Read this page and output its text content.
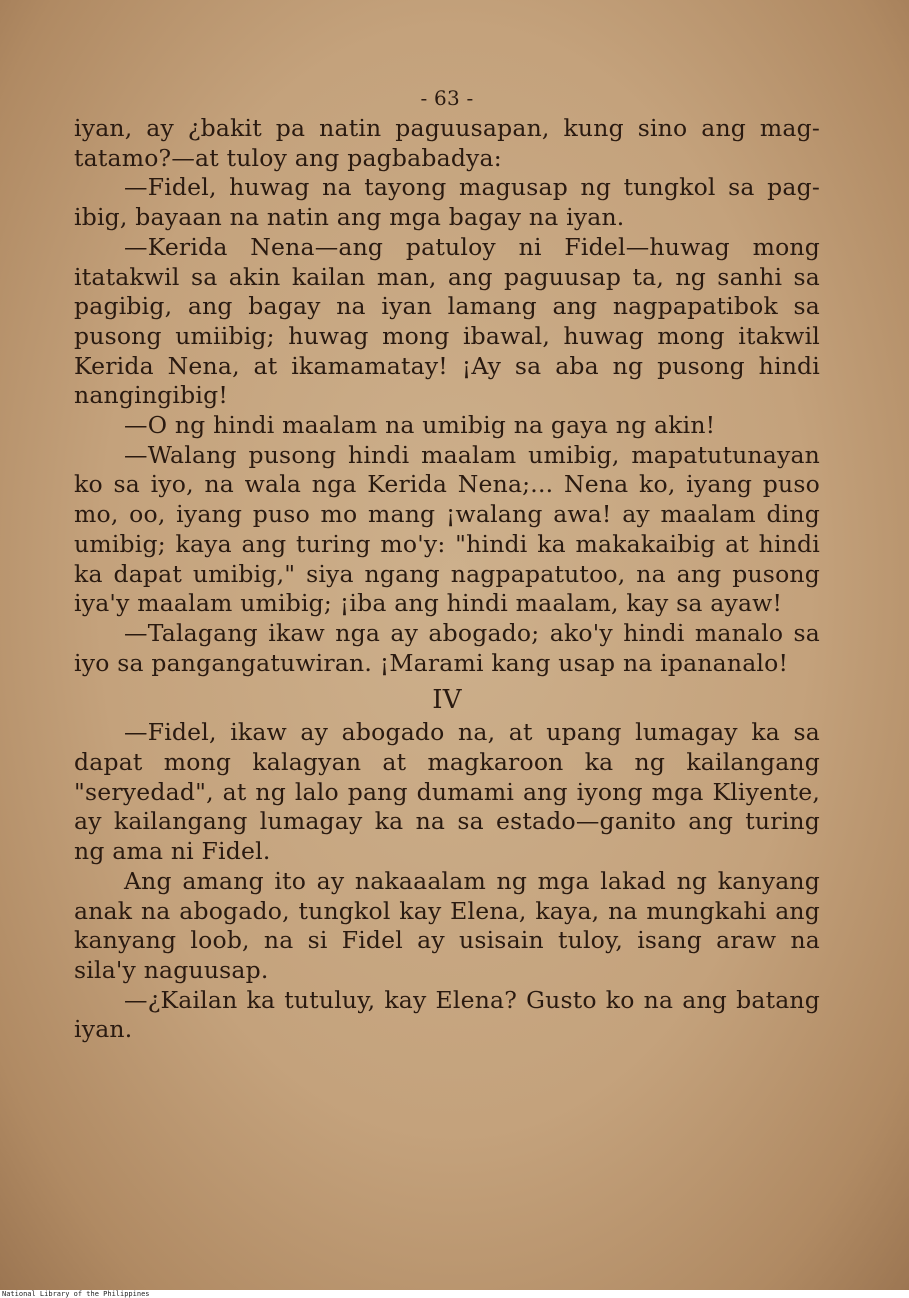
- 63 -

iyan, ay ¿bakit pa natin paguusapan, kung sino ang mag- tatamo?—at tuloy ang pagbabadya:

—Fidel, huwag na tayong magusap ng tungkol sa pag-ibig, bayaan na natin ang mga bagay na iyan.

—Kerida Nena—ang patuloy ni Fidel—huwag mong itatakwil sa akin kailan man, ang paguusap ta, ng sanhi sa pagibig, ang bagay na iyan lamang ang nagpapatibok sa pusong umiibig; huwag mong ibawal, huwag mong itakwil Kerida Nena, at ikamamatay! ¡Ay sa aba ng pusong hindi nangingibig!

—O ng hindi maalam na umibig na gaya ng akin!

—Walang pusong hindi maalam umibig, mapatutunayan ko sa iyo, na wala nga Kerida Nena;... Nena ko, iyang puso mo, oo, iyang puso mo mang ¡walang awa! ay maalam ding umibig; kaya ang turing mo'y: "hindi ka makakaibig at hindi ka dapat umibig," siya ngang nagpapatutoo, na ang pusong iya'y maalam umibig; ¡iba ang hindi maalam, kay sa ayaw!

—Talagang ikaw nga ay abogado; ako'y hindi manalo sa iyo sa pangangatuwiran. ¡Marami kang usap na ipananalo!

IV

—Fidel, ikaw ay abogado na, at upang lumagay ka sa dapat mong kalagyan at magkaroon ka ng kailangang "seryedad", at ng lalo pang dumami ang iyong mga Kliyente, ay kailangang lumagay ka na sa estado—ganito ang turing ng ama ni Fidel.

Ang amang ito ay nakaaalam ng mga lakad ng kanyang anak na abogado, tungkol kay Elena, kaya, na mungkahi ang kanyang loob, na si Fidel ay usisain tuloy, isang araw na sila'y naguusap.

—¿Kailan ka tutuluy, kay Elena? Gusto ko na ang batang iyan.

National Library of the Philippines
